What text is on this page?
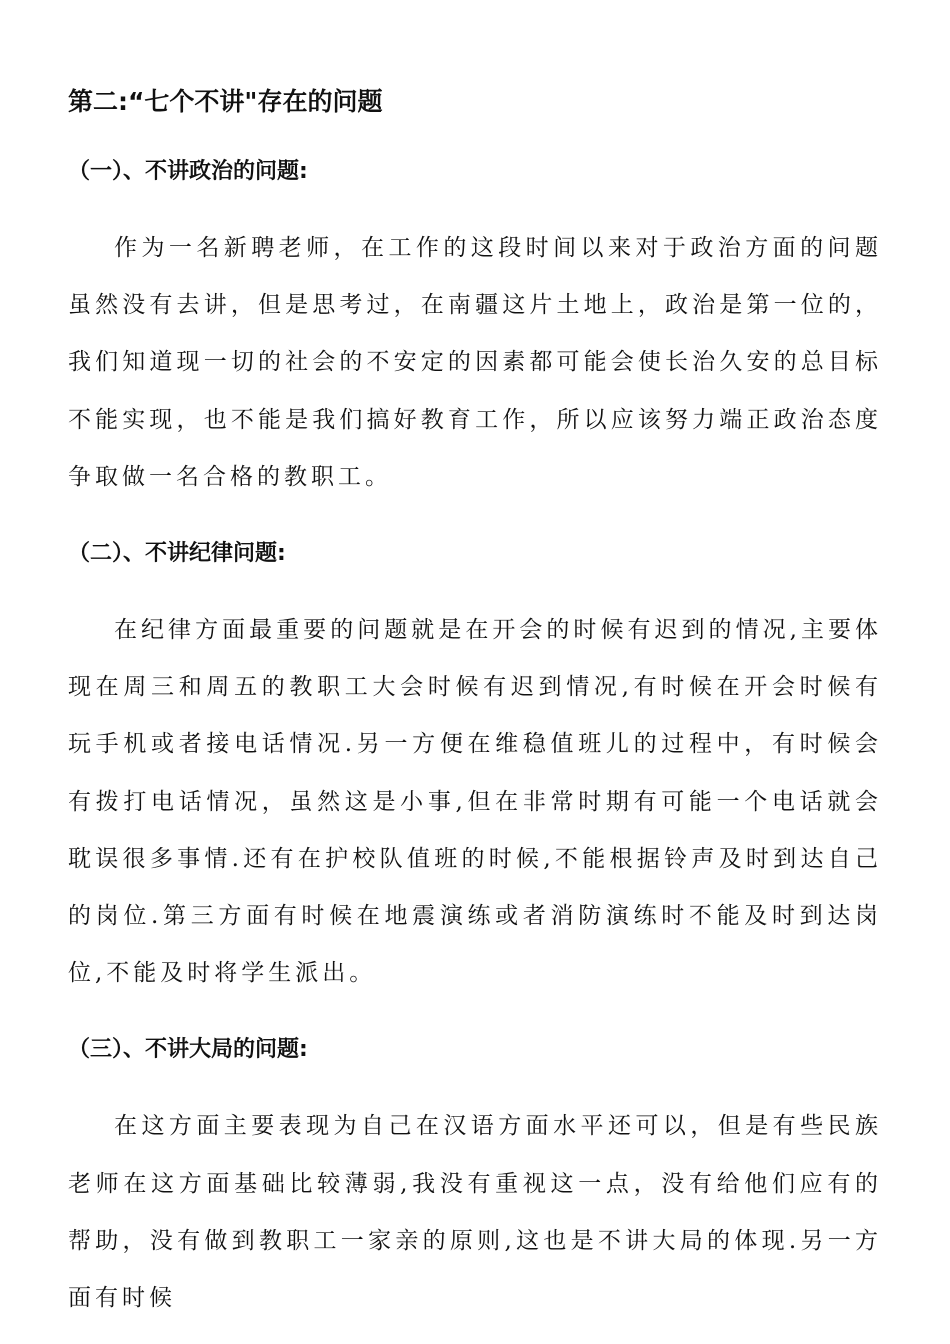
第二:“七个不讲"存在的问题
（一）、不讲政治的问题:

作为一名新聘老师，在工作的这段时间以来对于政治方面的问题虽然没有去讲，但是思考过，在南疆这片土地上，政治是第一位的，我们知道现一切的社会的不安定的因素都可能会使长治久安的总目标不能实现，也不能是我们搞好教育工作，所以应该努力端正政治态度争取做一名合格的教职工。

（二）、不讲纪律问题:

在纪律方面最重要的问题就是在开会的时候有迟到的情况,主要体现在周三和周五的教职工大会时候有迟到情况,有时候在开会时候有玩手机或者接电话情况.另一方便在维稳值班儿的过程中，有时候会有拨打电话情况，虽然这是小事,但在非常时期有可能一个电话就会耽误很多事情.还有在护校队值班的时候,不能根据铃声及时到达自己的岗位.第三方面有时候在地震演练或者消防演练时不能及时到达岗位,不能及时将学生派出。

（三）、不讲大局的问题:

在这方面主要表现为自己在汉语方面水平还可以，但是有些民族老师在这方面基础比较薄弱,我没有重视这一点，没有给他们应有的帮助，没有做到教职工一家亲的原则,这也是不讲大局的体现.另一方面有时候
